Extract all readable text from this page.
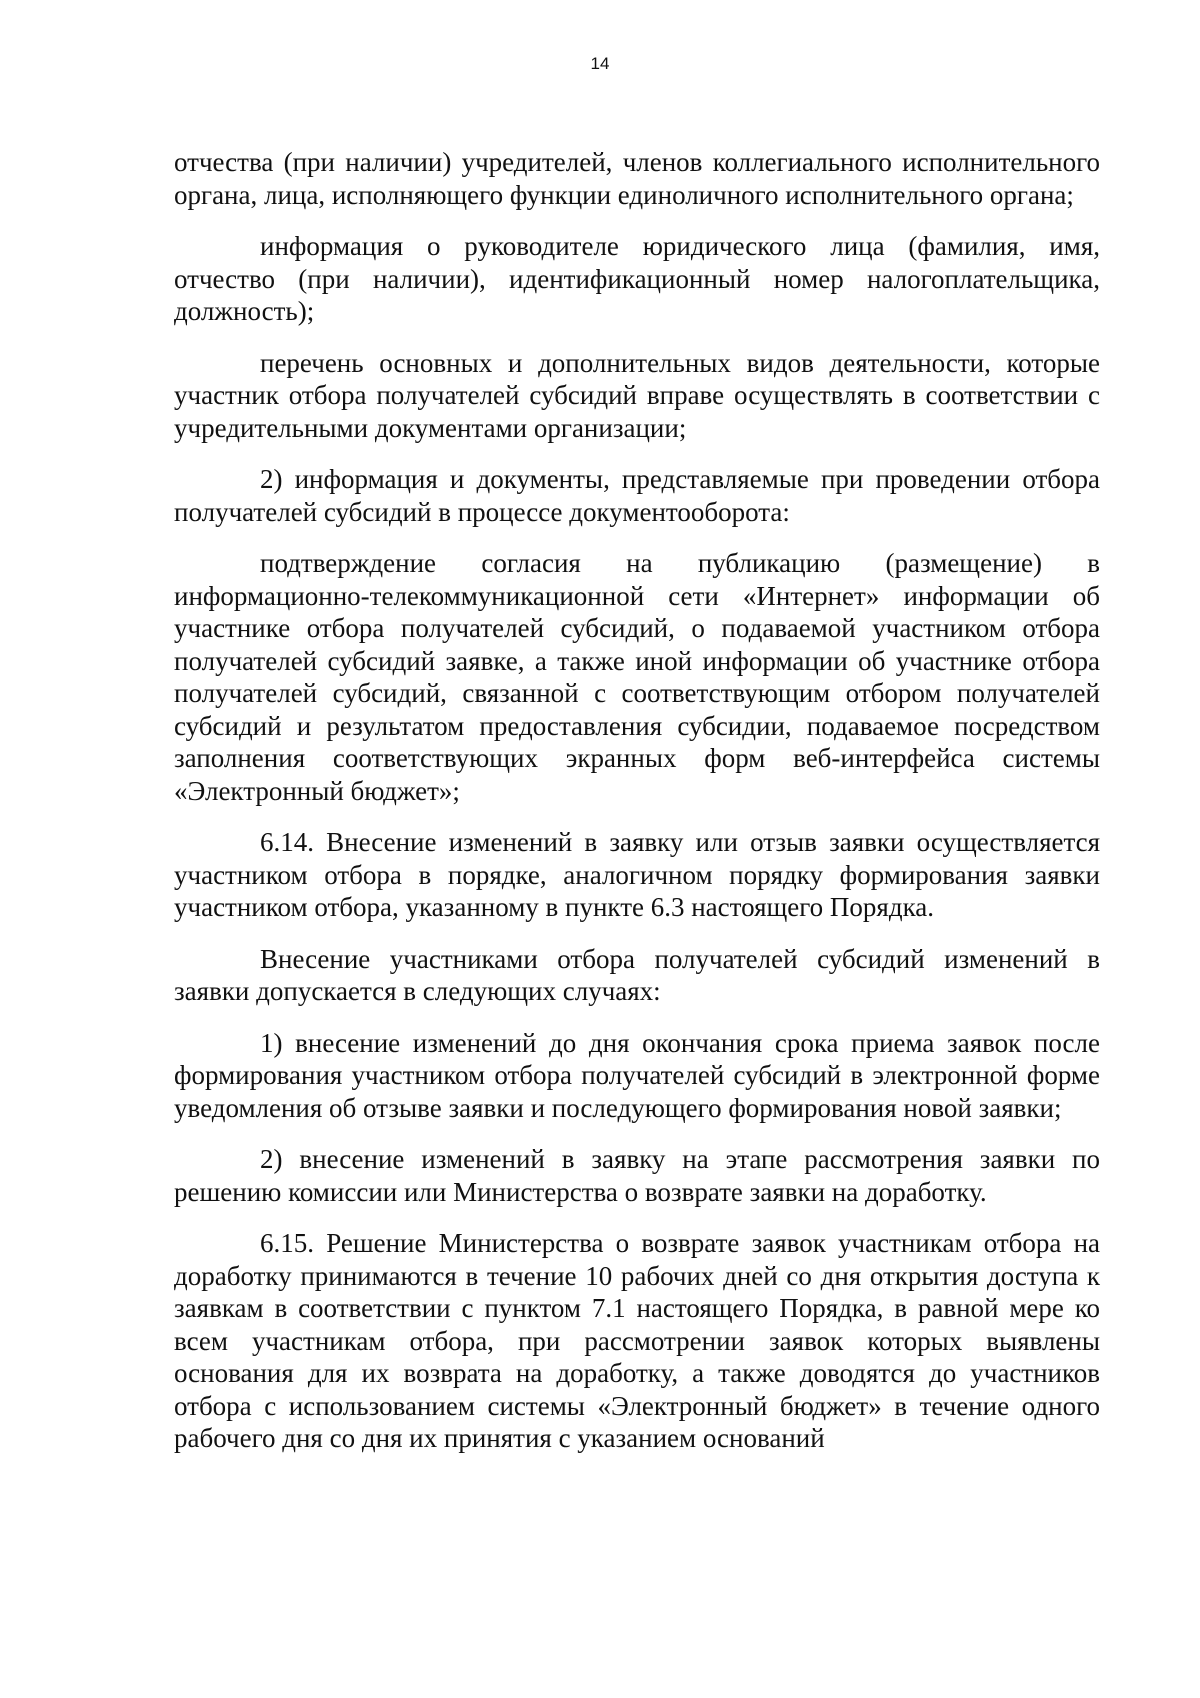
14

отчества (при наличии) учредителей, членов коллегиального исполнительного органа, лица, исполняющего функции единоличного исполнительного органа;

информация о руководителе юридического лица (фамилия, имя, отчество (при наличии), идентификационный номер налогоплательщика, должность);

перечень основных и дополнительных видов деятельности, которые участник отбора получателей субсидий вправе осуществлять в соответствии с учредительными документами организации;

2) информация и документы, представляемые при проведении отбора получателей субсидий в процессе документооборота:

подтверждение согласия на публикацию (размещение) в информационно-телекоммуникационной сети «Интернет» информации об участнике отбора получателей субсидий, о подаваемой участником отбора получателей субсидий заявке, а также иной информации об участнике отбора получателей субсидий, связанной с соответствующим отбором получателей субсидий и результатом предоставления субсидии, подаваемое посредством заполнения соответствующих экранных форм веб-интерфейса системы «Электронный бюджет»;

6.14. Внесение изменений в заявку или отзыв заявки осуществляется участником отбора в порядке, аналогичном порядку формирования заявки участником отбора, указанному в пункте 6.3 настоящего Порядка.

Внесение участниками отбора получателей субсидий изменений в заявки допускается в следующих случаях:

1) внесение изменений до дня окончания срока приема заявок после формирования участником отбора получателей субсидий в электронной форме уведомления об отзыве заявки и последующего формирования новой заявки;

2) внесение изменений в заявку на этапе рассмотрения заявки по решению комиссии или Министерства о возврате заявки на доработку.

6.15. Решение Министерства о возврате заявок участникам отбора на доработку принимаются в течение 10 рабочих дней со дня открытия доступа к заявкам в соответствии с пунктом 7.1 настоящего Порядка, в равной мере ко всем участникам отбора, при рассмотрении заявок которых выявлены основания для их возврата на доработку, а также доводятся до участников отбора с использованием системы «Электронный бюджет» в течение одного рабочего дня со дня их принятия с указанием оснований
